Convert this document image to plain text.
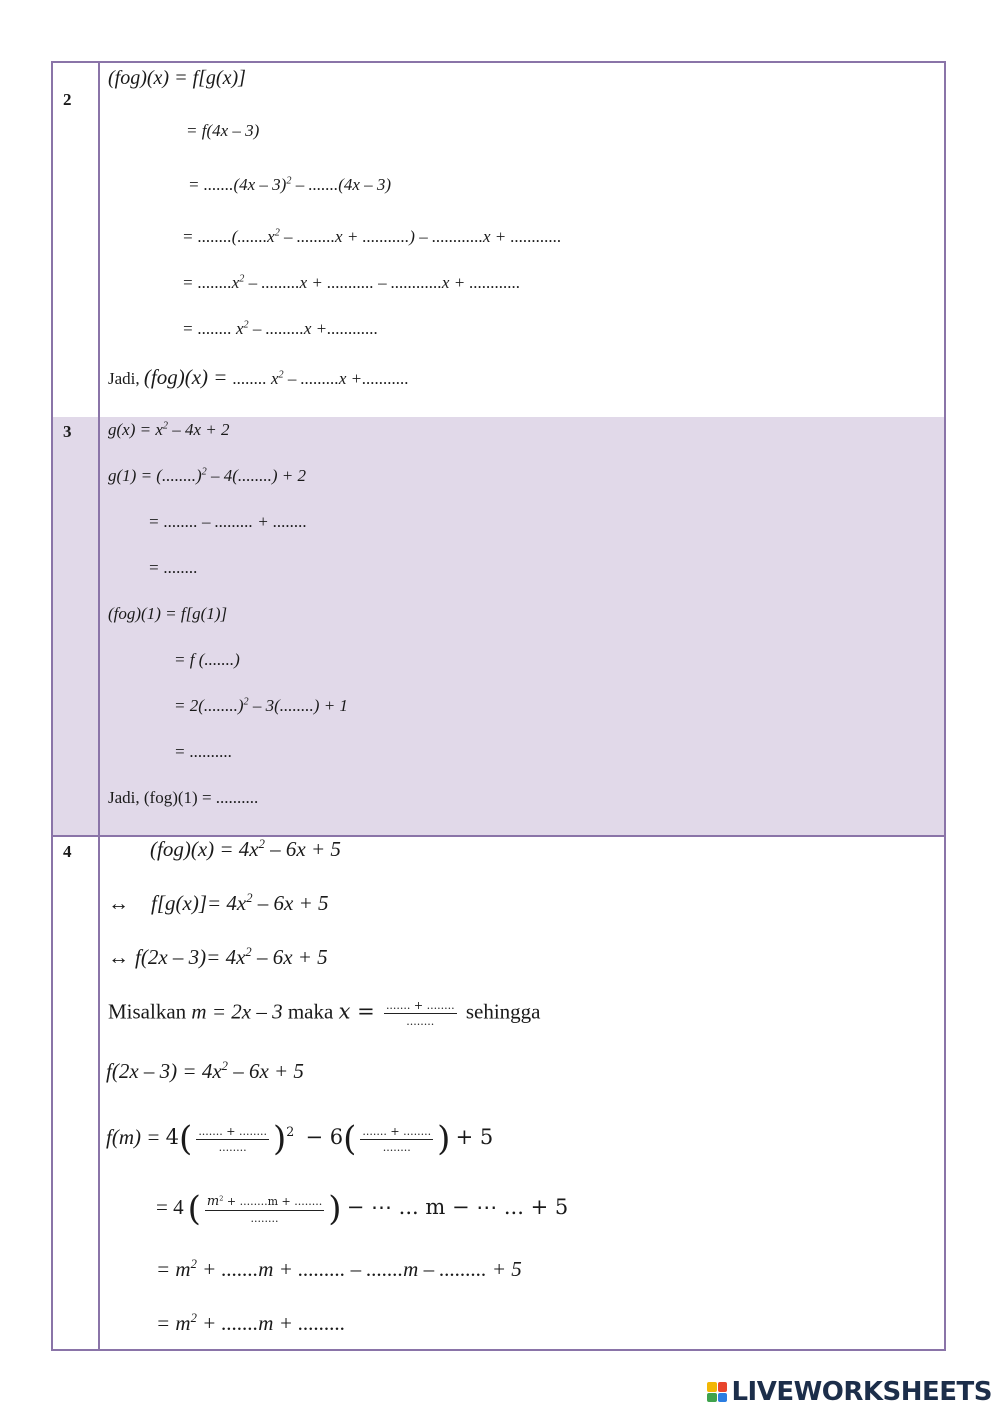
2
(fog)(x) = f[g(x)]
= f(4x – 3)
= .......(4x – 3)$^2$ – .......(4x – 3)
= $........(.......x^2$ – .........x + ...........) – ............x + ............
= $........x^2$ – .........x + ........... – ............x + ............
= ........ $x^2$ – .........x +............
Jadi, (fog)(x) = ........ $x^2$ – .........x +...........
3 $g(x) = x^2 - 4x + 2$
g(1) = (........)$^2$ – 4(........) + 2
= ........ – ......... + ........
= ........
(fog)(1) = f[g(1)]
= f (.......)
= 2(........)$^2$ – 3(........) + 1
= ..........
Jadi, (fog)(1) = ..........
4	$(fog)(x) = 4x^2 - 6x + 5$
↔ $f[g(x)]= 4x^2 - 6x + 5$
↔ $f(2x - 3)= 4x^2 - 6x + 5$
Misalkan m = 2x – 3 maka $x = \frac{....... + ........}{........}$ sehingga
$f(2x - 3) = 4x^2 - 6x + 5$
$f(m) = 4( \frac{....... + ........}{........} )^2 - 6( \frac{....... + ........}{........}$ ) + 5
= 4 ( $\frac{m^2 + ........m + ........}{........}$ ) − ⋯ ... m − ⋯ ... + 5
= $m^2 + .......m$ + ......... – .......m – ......... + 5
= $m^2 + .......m$ + .........
LIVEWORKSHEETS
